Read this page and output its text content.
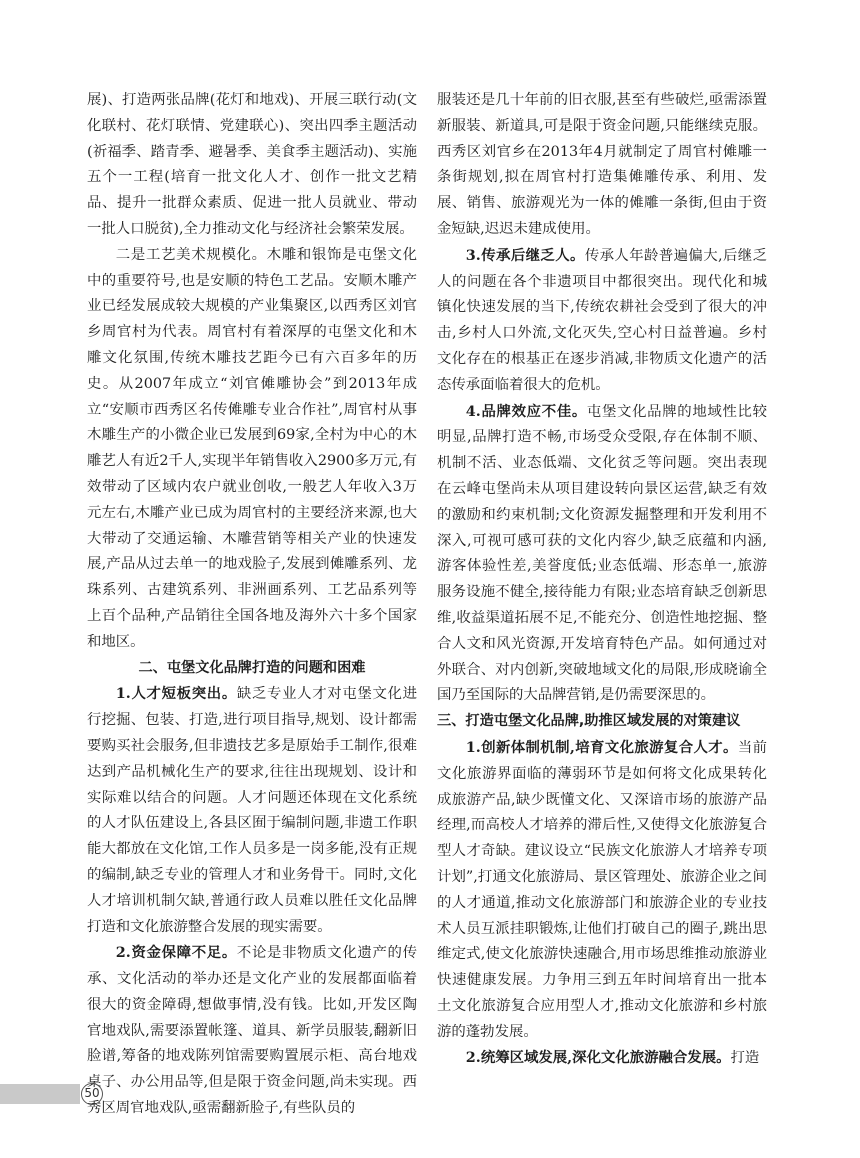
展)、打造两张品牌(花灯和地戏)、开展三联行动(文化联村、花灯联情、党建联心)、突出四季主题活动(祈福季、踏青季、避暑季、美食季主题活动)、实施五个一工程(培育一批文化人才、创作一批文艺精品、提升一批群众素质、促进一批人员就业、带动一批人口脱贫),全力推动文化与经济社会繁荣发展。

二是工艺美术规模化。木雕和银饰是屯堡文化中的重要符号,也是安顺的特色工艺品。安顺木雕产业已经发展成较大规模的产业集聚区,以西秀区刘官乡周官村为代表。周官村有着深厚的屯堡文化和木雕文化氛围,传统木雕技艺距今已有六百多年的历史。从2007年成立“刘官傩雕协会”到2013年成立“安顺市西秀区名传傩雕专业合作社”,周官村从事木雕生产的小微企业已发展到69家,全村为中心的木雕艺人有近2千人,实现半年销售收入2900多万元,有效带动了区域内农户就业创收,一般艺人年收入3万元左右,木雕产业已成为周官村的主要经济来源,也大大带动了交通运输、木雕营销等相关产业的快速发展,产品从过去单一的地戏脸子,发展到傩雕系列、龙珠系列、古建筑系列、非洲画系列、工艺品系列等上百个品种,产品销往全国各地及海外六十多个国家和地区。

二、屯堡文化品牌打造的问题和困难

1.人才短板突出。缺乏专业人才对屯堡文化进行挖掘、包装、打造,进行项目指导,规划、设计都需要购买社会服务,但非遗技艺多是原始手工制作,很难达到产品机械化生产的要求,往往出现规划、设计和实际难以结合的问题。人才问题还体现在文化系统的人才队伍建设上,各县区囿于编制问题,非遗工作职能大都放在文化馆,工作人员多是一岗多能,没有正规的编制,缺乏专业的管理人才和业务骨干。同时,文化人才培训机制欠缺,普通行政人员难以胜任文化品牌打造和文化旅游整合发展的现实需要。

2.资金保障不足。不论是非物质文化遗产的传承、文化活动的举办还是文化产业的发展都面临着很大的资金障碍,想做事情,没有钱。比如,开发区陶官地戏队,需要添置帐篷、道具、新学员服装,翻新旧脸谱,筹备的地戏陈列馆需要购置展示柜、高台地戏桌子、办公用品等,但是限于资金问题,尚未实现。西秀区周官地戏队,亟需翻新脸子,有些队员的

服装还是几十年前的旧衣服,甚至有些破烂,亟需添置新服装、新道具,可是限于资金问题,只能继续克服。西秀区刘官乡在2013年4月就制定了周官村傩雕一条街规划,拟在周官村打造集傩雕传承、利用、发展、销售、旅游观光为一体的傩雕一条街,但由于资金短缺,迟迟未建成使用。

3.传承后继乏人。传承人年龄普遍偏大,后继乏人的问题在各个非遗项目中都很突出。现代化和城镇化快速发展的当下,传统农耕社会受到了很大的冲击,乡村人口外流,文化灭失,空心村日益普遍。乡村文化存在的根基正在逐步消减,非物质文化遗产的活态传承面临着很大的危机。

4.品牌效应不佳。屯堡文化品牌的地域性比较明显,品牌打造不畅,市场受众受限,存在体制不顺、机制不活、业态低端、文化贫乏等问题。突出表现在云峰屯堡尚未从项目建设转向景区运营,缺乏有效的激励和约束机制;文化资源发掘整理和开发利用不深入,可视可感可获的文化内容少,缺乏底蕴和内涵,游客体验性差,美誉度低;业态低端、形态单一,旅游服务设施不健全,接待能力有限;业态培育缺乏创新思维,收益渠道拓展不足,不能充分、创造性地挖掘、整合人文和风光资源,开发培育特色产品。如何通过对外联合、对内创新,突破地域文化的局限,形成晓谕全国乃至国际的大品牌营销,是仍需要深思的。

三、打造屯堡文化品牌,助推区域发展的对策建议

1.创新体制机制,培育文化旅游复合人才。当前文化旅游界面临的薄弱环节是如何将文化成果转化成旅游产品,缺少既懂文化、又深谙市场的旅游产品经理,而高校人才培养的滞后性,又使得文化旅游复合型人才奇缺。建议设立“民族文化旅游人才培养专项计划”,打通文化旅游局、景区管理处、旅游企业之间的人才通道,推动文化旅游部门和旅游企业的专业技术人员互派挂职锻炼,让他们打破自己的圈子,跳出思维定式,使文化旅游快速融合,用市场思维推动旅游业快速健康发展。力争用三到五年时间培育出一批本土文化旅游复合应用型人才,推动文化旅游和乡村旅游的蓬勃发展。

2.统筹区域发展,深化文化旅游融合发展。打造

50
